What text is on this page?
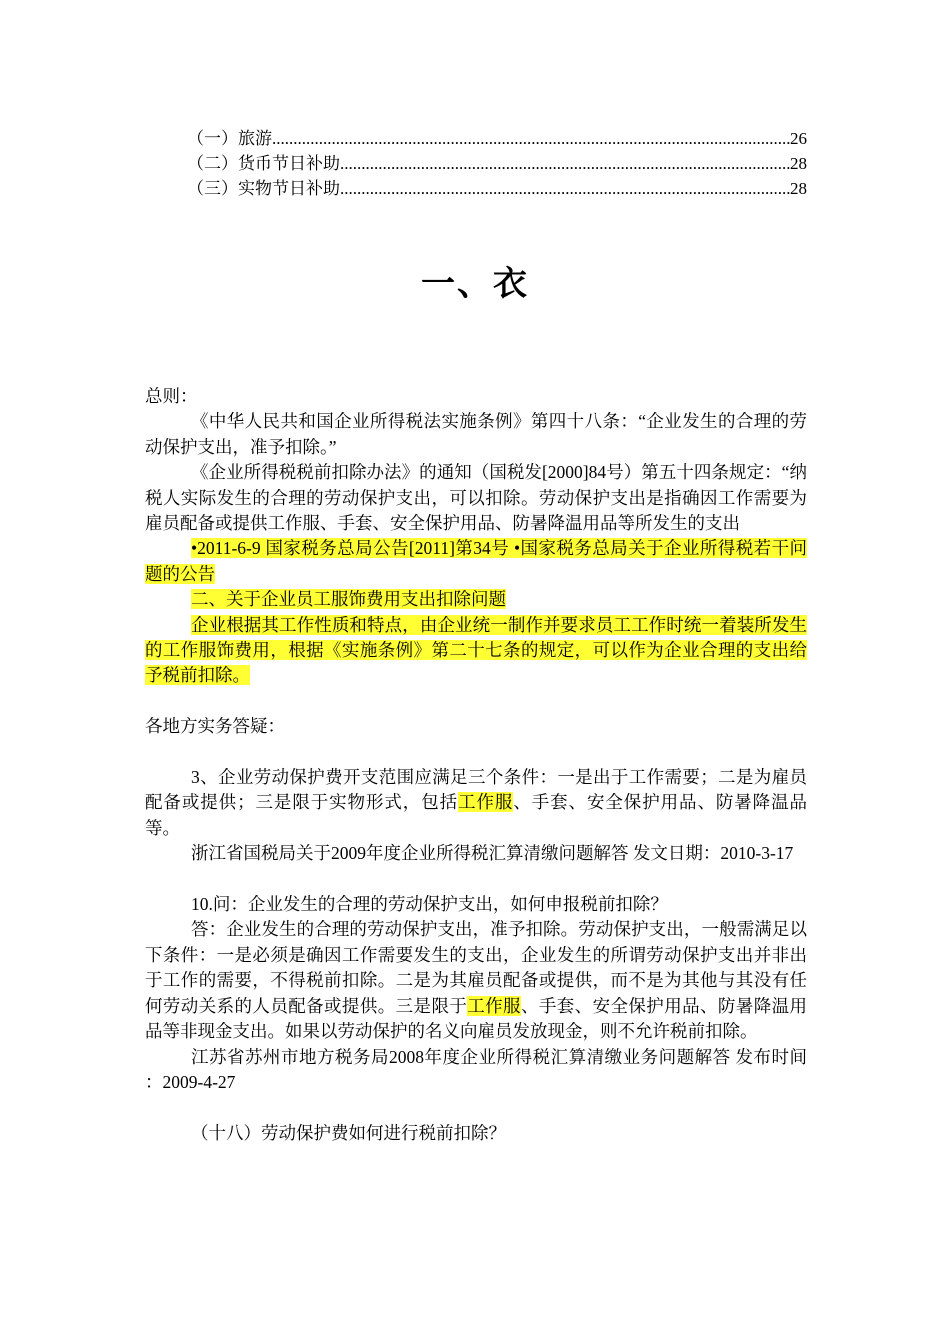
（一）旅游 .....	26
（二）货币节日补助 .....	28
（三）实物节日补助 .....	28
一、衣

总则：

《中华人民共和国企业所得税法实施条例》第四十八条：“企业发生的合理的劳动保护支出，准予扣除。”

《企业所得税税前扣除办法》的通知（国税发[2000]84号）第五十四条规定：“纳税人实际发生的合理的劳动保护支出，可以扣除。劳动保护支出是指确因工作需要为雇员配备或提供工作服、手套、安全保护用品、防暑降温用品等所发生的支出

•2011-6-9 国家税务总局公告[2011]第34号 •国家税务总局关于企业所得税若干问题的公告

二、关于企业员工服饰费用支出扣除问题

企业根据其工作性质和特点，由企业统一制作并要求员工工作时统一着装所发生的工作服饰费用，根据《实施条例》第二十七条的规定，可以作为企业合理的支出给予税前扣除。

各地方实务答疑：

3、企业劳动保护费开支范围应满足三个条件：一是出于工作需要；二是为雇员配备或提供；三是限于实物形式，包括工作服、手套、安全保护用品、防暑降温品等。

浙江省国税局关于2009年度企业所得税汇算清缴问题解答 发文日期：2010-3-17

10.问：企业发生的合理的劳动保护支出，如何申报税前扣除？

答：企业发生的合理的劳动保护支出，准予扣除。劳动保护支出，一般需满足以下条件：一是必须是确因工作需要发生的支出，企业发生的所谓劳动保护支出并非出于工作的需要，不得税前扣除。二是为其雇员配备或提供，而不是为其他与其没有任何劳动关系的人员配备或提供。三是限于工作服、手套、安全保护用品、防暑降温用品等非现金支出。如果以劳动保护的名义向雇员发放现金，则不允许税前扣除。

江苏省苏州市地方税务局2008年度企业所得税汇算清缴业务问题解答 发布时间 ：2009-4-27

（十八）劳动保护费如何进行税前扣除？
